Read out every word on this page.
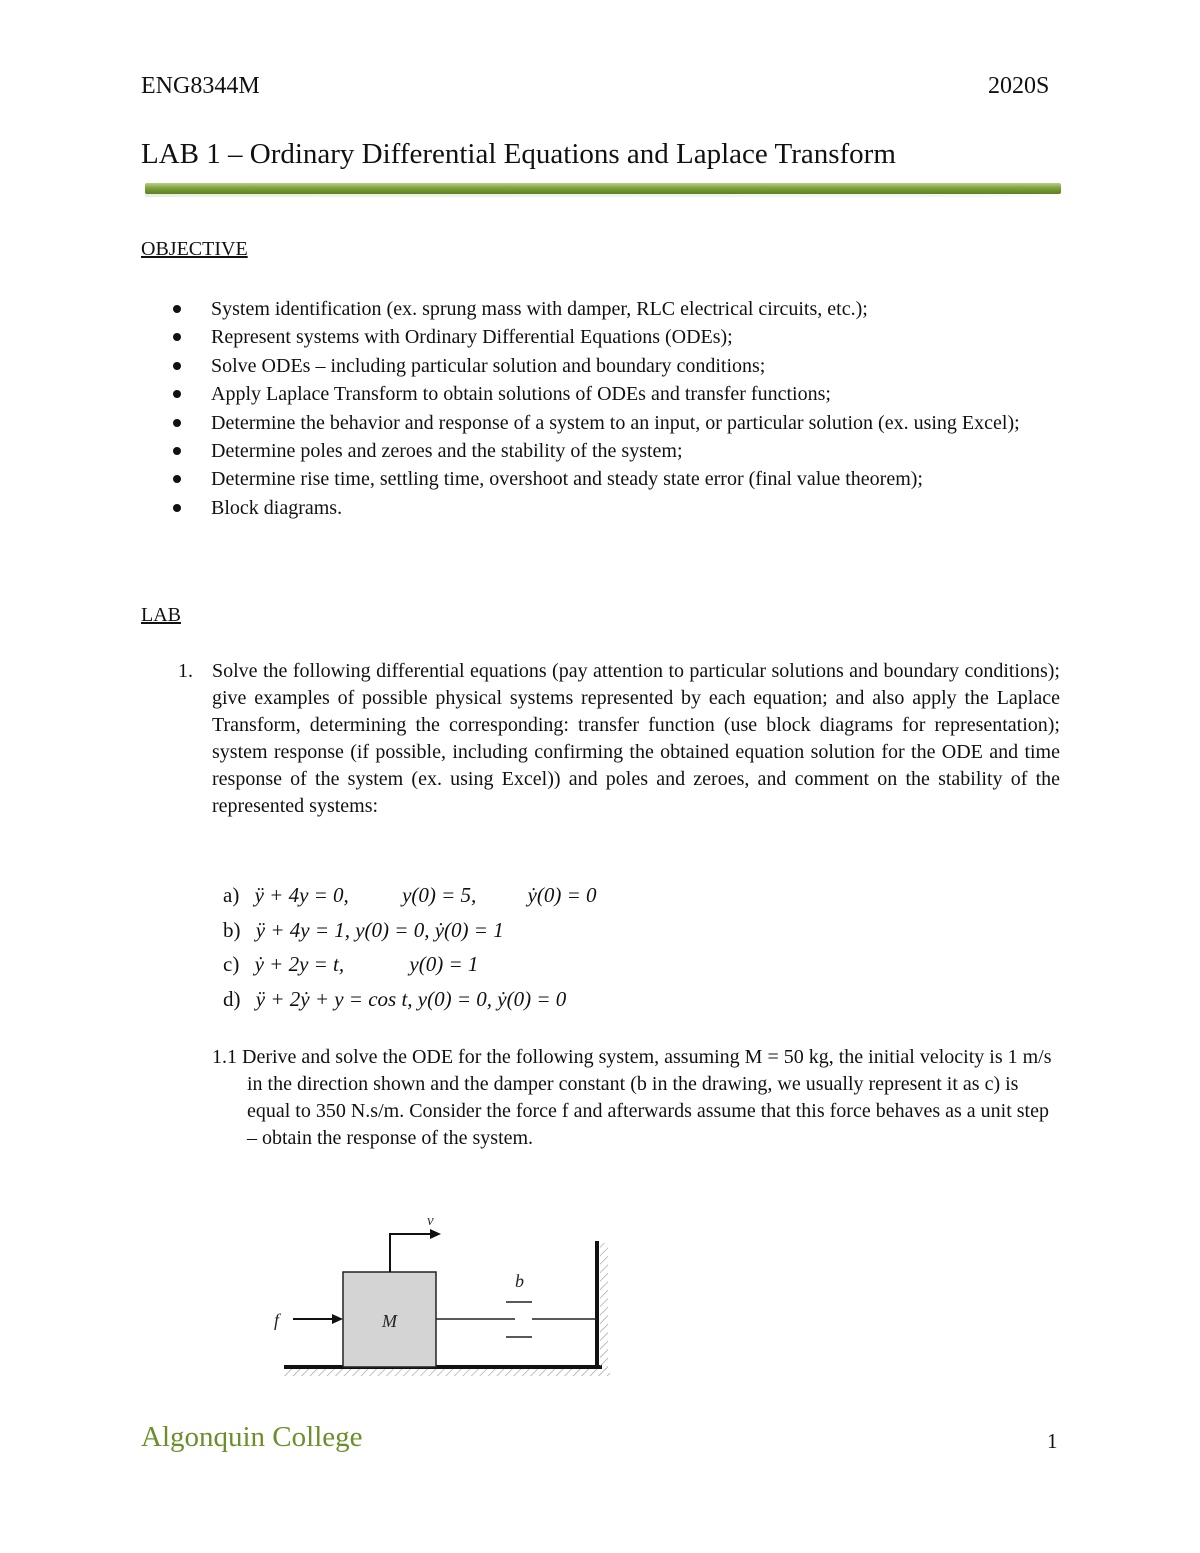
ENG8344M	2020S
LAB 1 – Ordinary Differential Equations and Laplace Transform
OBJECTIVE
System identification (ex. sprung mass with damper, RLC electrical circuits, etc.);
Represent systems with Ordinary Differential Equations (ODEs);
Solve ODEs – including particular solution and boundary conditions;
Apply Laplace Transform to obtain solutions of ODEs and transfer functions;
Determine the behavior and response of a system to an input, or particular solution (ex. using Excel);
Determine poles and zeroes and the stability of the system;
Determine rise time, settling time, overshoot and steady state error (final value theorem);
Block diagrams.
LAB
1. Solve the following differential equations (pay attention to particular solutions and boundary conditions); give examples of possible physical systems represented by each equation; and also apply the Laplace Transform, determining the corresponding: transfer function (use block diagrams for representation); system response (if possible, including confirming the obtained equation solution for the ODE and time response of the system (ex. using Excel)) and poles and zeroes, and comment on the stability of the represented systems:
a) ÿ + 4y = 0,	y(0) = 5, ẏ(0) = 0
b) ÿ + 4y = 1, y(0) = 0, ẏ(0) = 1
c) ẏ + 2y = t,	y(0) = 1
d) ÿ + 2ẏ + y = cos t, y(0) = 0, ẏ(0) = 0
1.1 Derive and solve the ODE for the following system, assuming M = 50 kg, the initial velocity is 1 m/s in the direction shown and the damper constant (b in the drawing, we usually represent it as c) is equal to 350 N.s/m. Consider the force f and afterwards assume that this force behaves as a unit step – obtain the response of the system.
M
f
v
b
Algonquin College	1
